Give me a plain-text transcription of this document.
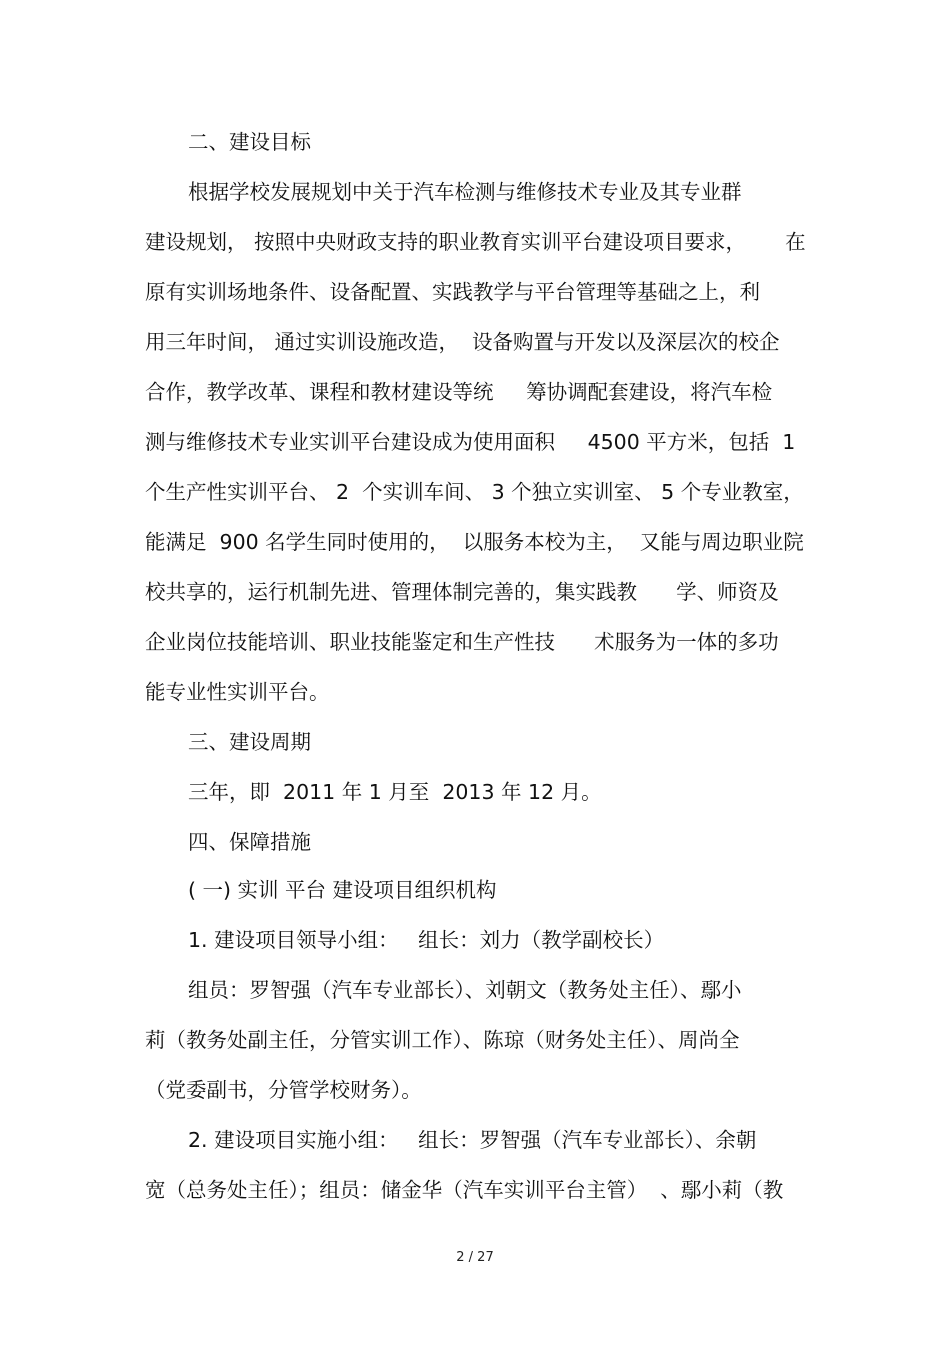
二、建设目标
根据学校发展规划中关于汽车检测与维修技术专业及其专业群
建设规划， 按照中央财政支持的职业教育实训平台建设项目要求，      在
原有实训场地条件、设备配置、实践教学与平台管理等基础之上，利
用三年时间， 通过实训设施改造，  设备购置与开发以及深层次的校企
合作，教学改革、课程和教材建设等统     筹协调配套建设，将汽车检
测与维修技术专业实训平台建设成为使用面积     4500 平方米，包括  1
个生产性实训平台、 2  个实训车间、 3 个独立实训室、 5 个专业教室，
能满足  900 名学生同时使用的，  以服务本校为主，  又能与周边职业院
校共享的，运行机制先进、管理体制完善的，集实践教      学、师资及
企业岗位技能培训、职业技能鉴定和生产性技      术服务为一体的多功
能专业性实训平台。
三、建设周期
三年，即  2011 年 1 月至  2013 年 12 月。
四、保障措施
( 一) 实训 平台 建设项目组织机构
1. 建设项目领导小组：   组长：刘力（教学副校长）
组员：罗智强（汽车专业部长）、刘朝文（教务处主任）、鄢小
莉（教务处副主任，分管实训工作）、陈琼（财务处主任）、周尚全
（党委副书，分管学校财务）。
2. 建设项目实施小组：   组长：罗智强（汽车专业部长）、余朝
宽（总务处主任）；组员：储金华（汽车实训平台主管）  、鄢小莉（教
2 / 27
